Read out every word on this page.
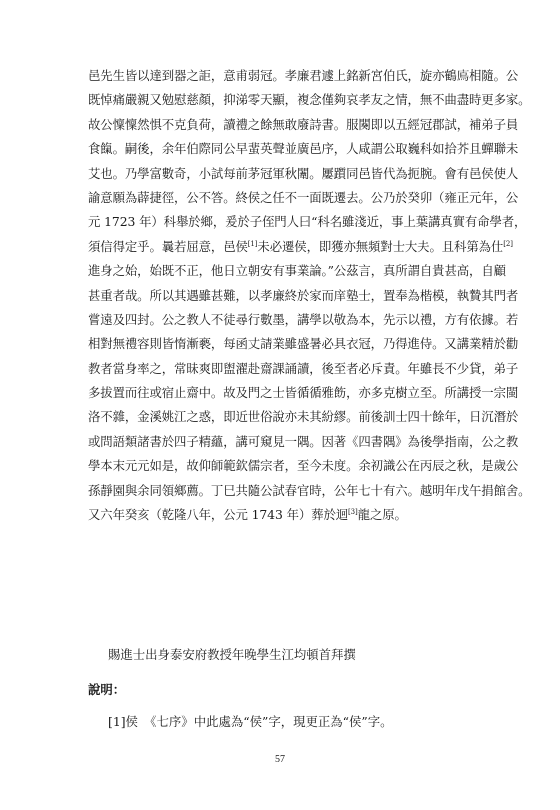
邑先生皆以達到器之詎，意甫弱冠。孝廉君遽上銘新宮伯氏，旋亦鶴𩾦相隨。公
既悼痛嚴親又勉慰慈顏，抑涕零天顯，複念僅夠哀孝友之情，無不曲盡時更多家。
故公懍懍然惧不克負荷，讀禮之餘無敢廢詩書。服闋即以五經冠郡試，補弟子員
食餼。嗣後，余年伯際同公早蜚英聲並廣邑序，人咸謂公取巍科如拾芥且蟬聯未
艾也。乃學富數奇，小試每前茅冠軍秋闈。屢躓同邑皆代為扼腕。會有邑侯使人
諭意願為薜捷徑，公不答。終侯之任不一面既遷去。公乃於癸卯（雍正元年，公
元 1723 年）科舉於鄉，爰於子侄門人曰“科名雖淺近，事上葉講真實有命學者，
須信得定乎。曩若屈意，邑侯[1]未必遷侯，即獲亦無頻對士大夫。且科第為仕[2]
進身之始，始既不正，他日立朝安有事業論。”公茲言，真所謂自貴甚高，自顧
甚重者哉。所以其遇雖甚難，以孝廉終於家而庠塾士，置奉為楷模，執贄其門者
嘗遠及四封。公之教人不徒尋行數墨，講學以敬為本，先示以禮，方有依據。若
相對無禮容則皆惰漸褻，每函丈請業雖盛暑必具衣冠，乃得進侍。又講業精於勸
教者當身率之，常昧爽即盥濯赴齋課誦讀，後至者必斥責。年雖長不少貸，弟子
多拔置而往或宿止齋中。故及門之士皆循循雅飭，亦多克樹立至。所講授一宗閩
洛不雜，金溪姚江之惑，即近世俗說亦未其紛繆。前後訓士四十餘年，日沉潛於
或問語類諸書於四子精蘊，講可窺見一隅。因著《四書隅》為後學指南，公之教
學本末元元如是，故仰師範欽儒宗者，至今未度。余初識公在丙辰之秋，是歲公
孫靜園與余同領鄉薦。丁巳共隨公試春官時，公年七十有六。越明年戊午捐館舍。
又六年癸亥（乾隆八年，公元 1743 年）葬於迴[3]龍之原。
賜進士出身泰安府教授年晚學生江均頓首拜撰
說明：
[1]侯　《七序》中此處為“侯”字，現更正為“侯”字。
57
